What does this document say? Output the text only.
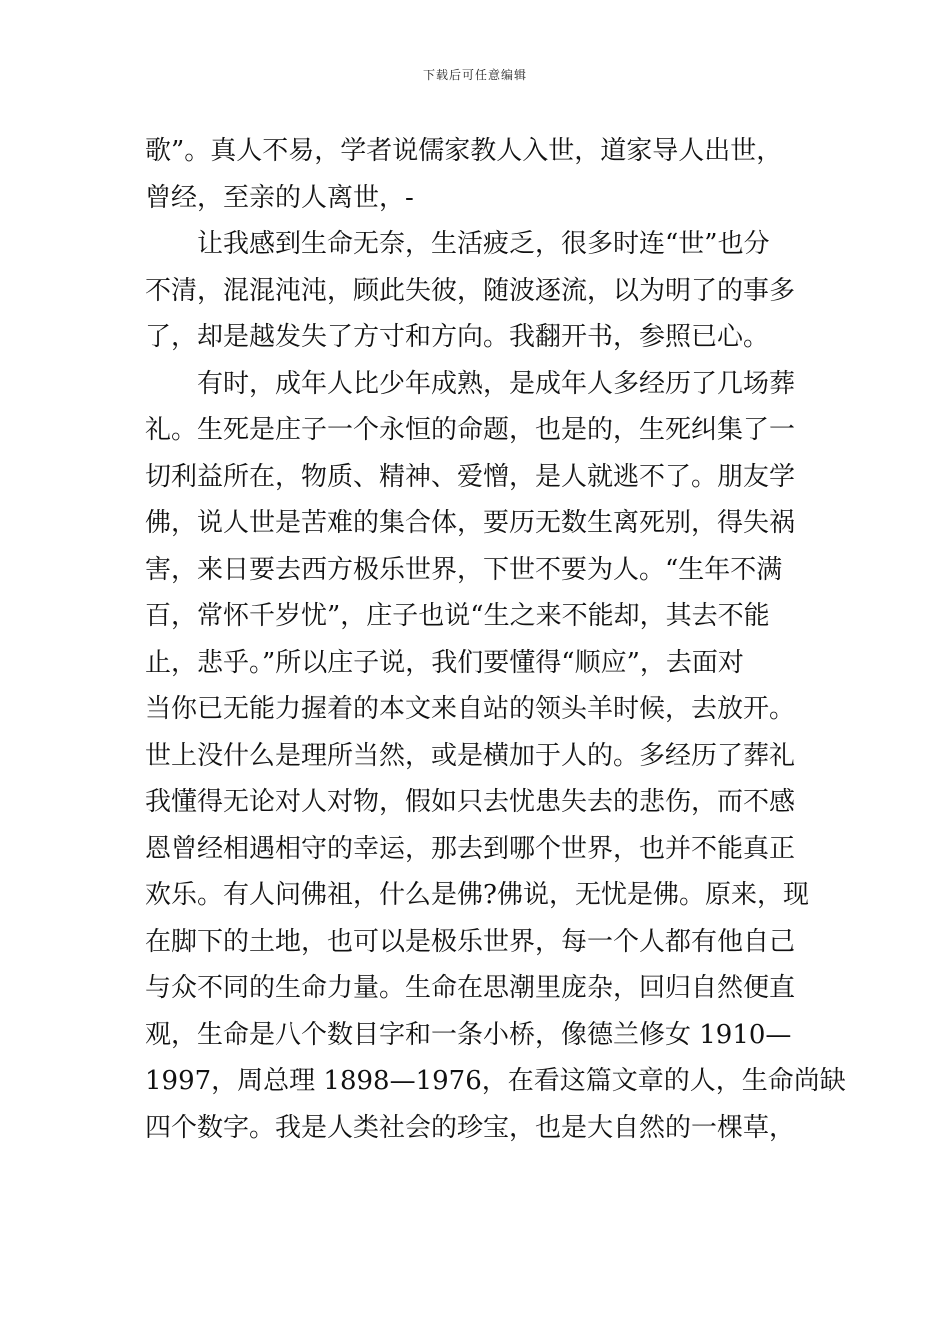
下载后可任意编辑
歌”。真人不易，学者说儒家教人入世，道家导人出世，
曾经，至亲的人离世，-
让我感到生命无奈，生活疲乏，很多时连“世”也分
不清，混混沌沌，顾此失彼，随波逐流，以为明了的事多
了，却是越发失了方寸和方向。我翻开书，参照已心。
有时，成年人比少年成熟，是成年人多经历了几场葬
礼。生死是庄子一个永恒的命题，也是的，生死纠集了一
切利益所在，物质、精神、爱憎，是人就逃不了。朋友学
佛，说人世是苦难的集合体，要历无数生离死别，得失祸
害，来日要去西方极乐世界，下世不要为人。“生年不满
百，常怀千岁忧”，庄子也说“生之来不能却，其去不能
止，悲乎。”所以庄子说，我们要懂得“顺应”，去面对
当你已无能力握着的本文来自站的领头羊时候，去放开。
世上没什么是理所当然，或是横加于人的。多经历了葬礼
我懂得无论对人对物，假如只去忧患失去的悲伤，而不感
恩曾经相遇相守的幸运，那去到哪个世界，也并不能真正
欢乐。有人问佛祖，什么是佛?佛说，无忧是佛。原来，现
在脚下的土地，也可以是极乐世界，每一个人都有他自己
与众不同的生命力量。生命在思潮里庞杂，回归自然便直
观，生命是八个数目字和一条小桥，像德兰修女 1910—
1997，周总理 1898—1976，在看这篇文章的人，生命尚缺
四个数字。我是人类社会的珍宝，也是大自然的一棵草，
